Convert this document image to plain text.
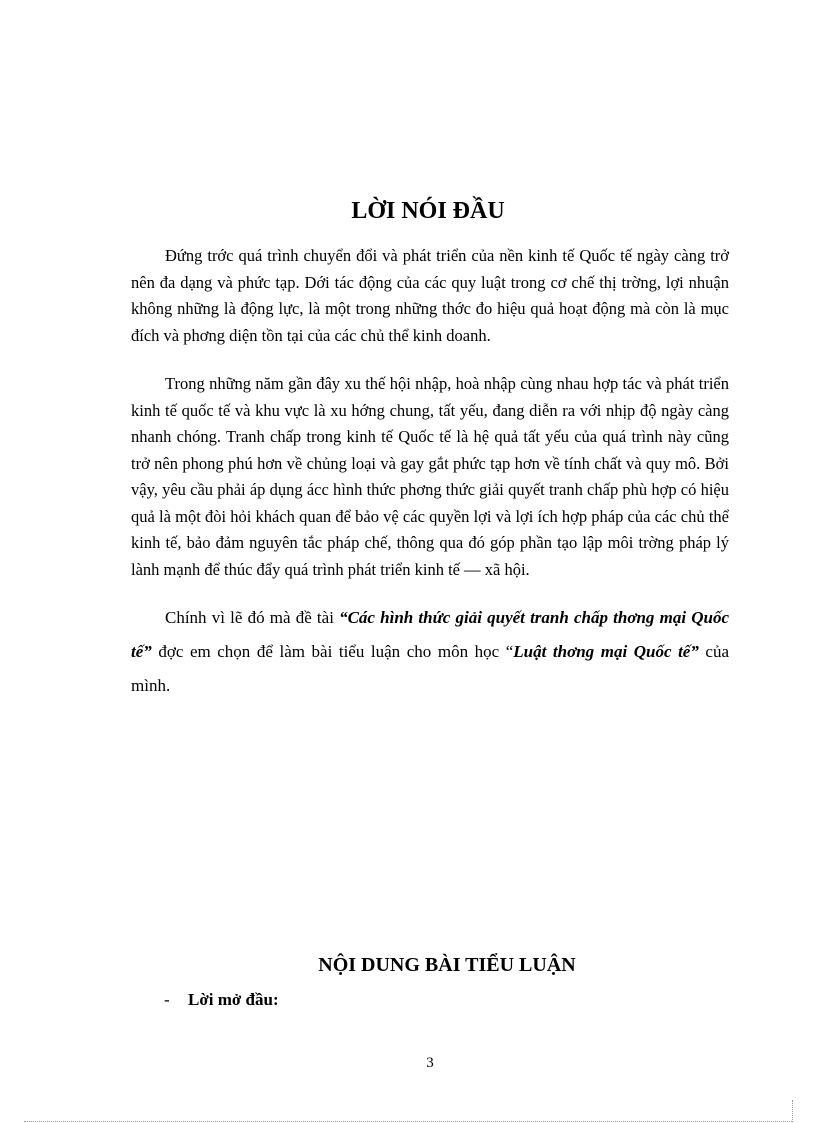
LỜI NÓI ĐẦU

Đứng trớc quá trình chuyển đổi và phát triển của nền kinh tế Quốc tế ngày càng trở nên đa dạng và phức tạp. Dới tác động của các quy luật trong cơ chế thị trờng, lợi nhuận không những là động lực, là một trong những thớc đo hiệu quả hoạt động mà còn là mục đích và phơng diện tồn tại của các chủ thể kinh doanh.

Trong những năm gần đây xu thế hội nhập, hoà nhập cùng nhau hợp tác và phát triển kinh tế quốc tế và khu vực là xu hớng chung, tất yếu, đang diễn ra với nhịp độ ngày càng nhanh chóng. Tranh chấp trong kinh tế Quốc tế là hệ quả tất yếu của quá trình này cũng trở nên phong phú hơn về chủng loại và gay gắt phức tạp hơn về tính chất và quy mô. Bởi vậy, yêu cầu phải áp dụng ácc hình thức phơng thức giải quyết tranh chấp phù hợp có hiệu quả là một đòi hỏi khách quan để bảo vệ các quyền lợi và lợi ích hợp pháp của các chủ thể kinh tế, bảo đảm nguyên tắc pháp chế, thông qua đó góp phần tạo lập môi trờng pháp lý lành mạnh để thúc đẩy quá trình phát triển kinh tế — xã hội.

Chính vì lẽ đó mà đề tài “Các hình thức giải quyết tranh chấp thơng mại Quốc tế” đợc em chọn để làm bài tiểu luận cho môn học “Luật thơng mại Quốc tế” của mình.

NỘI DUNG BÀI TIỂU LUẬN
-	Lời mở đầu:
3
